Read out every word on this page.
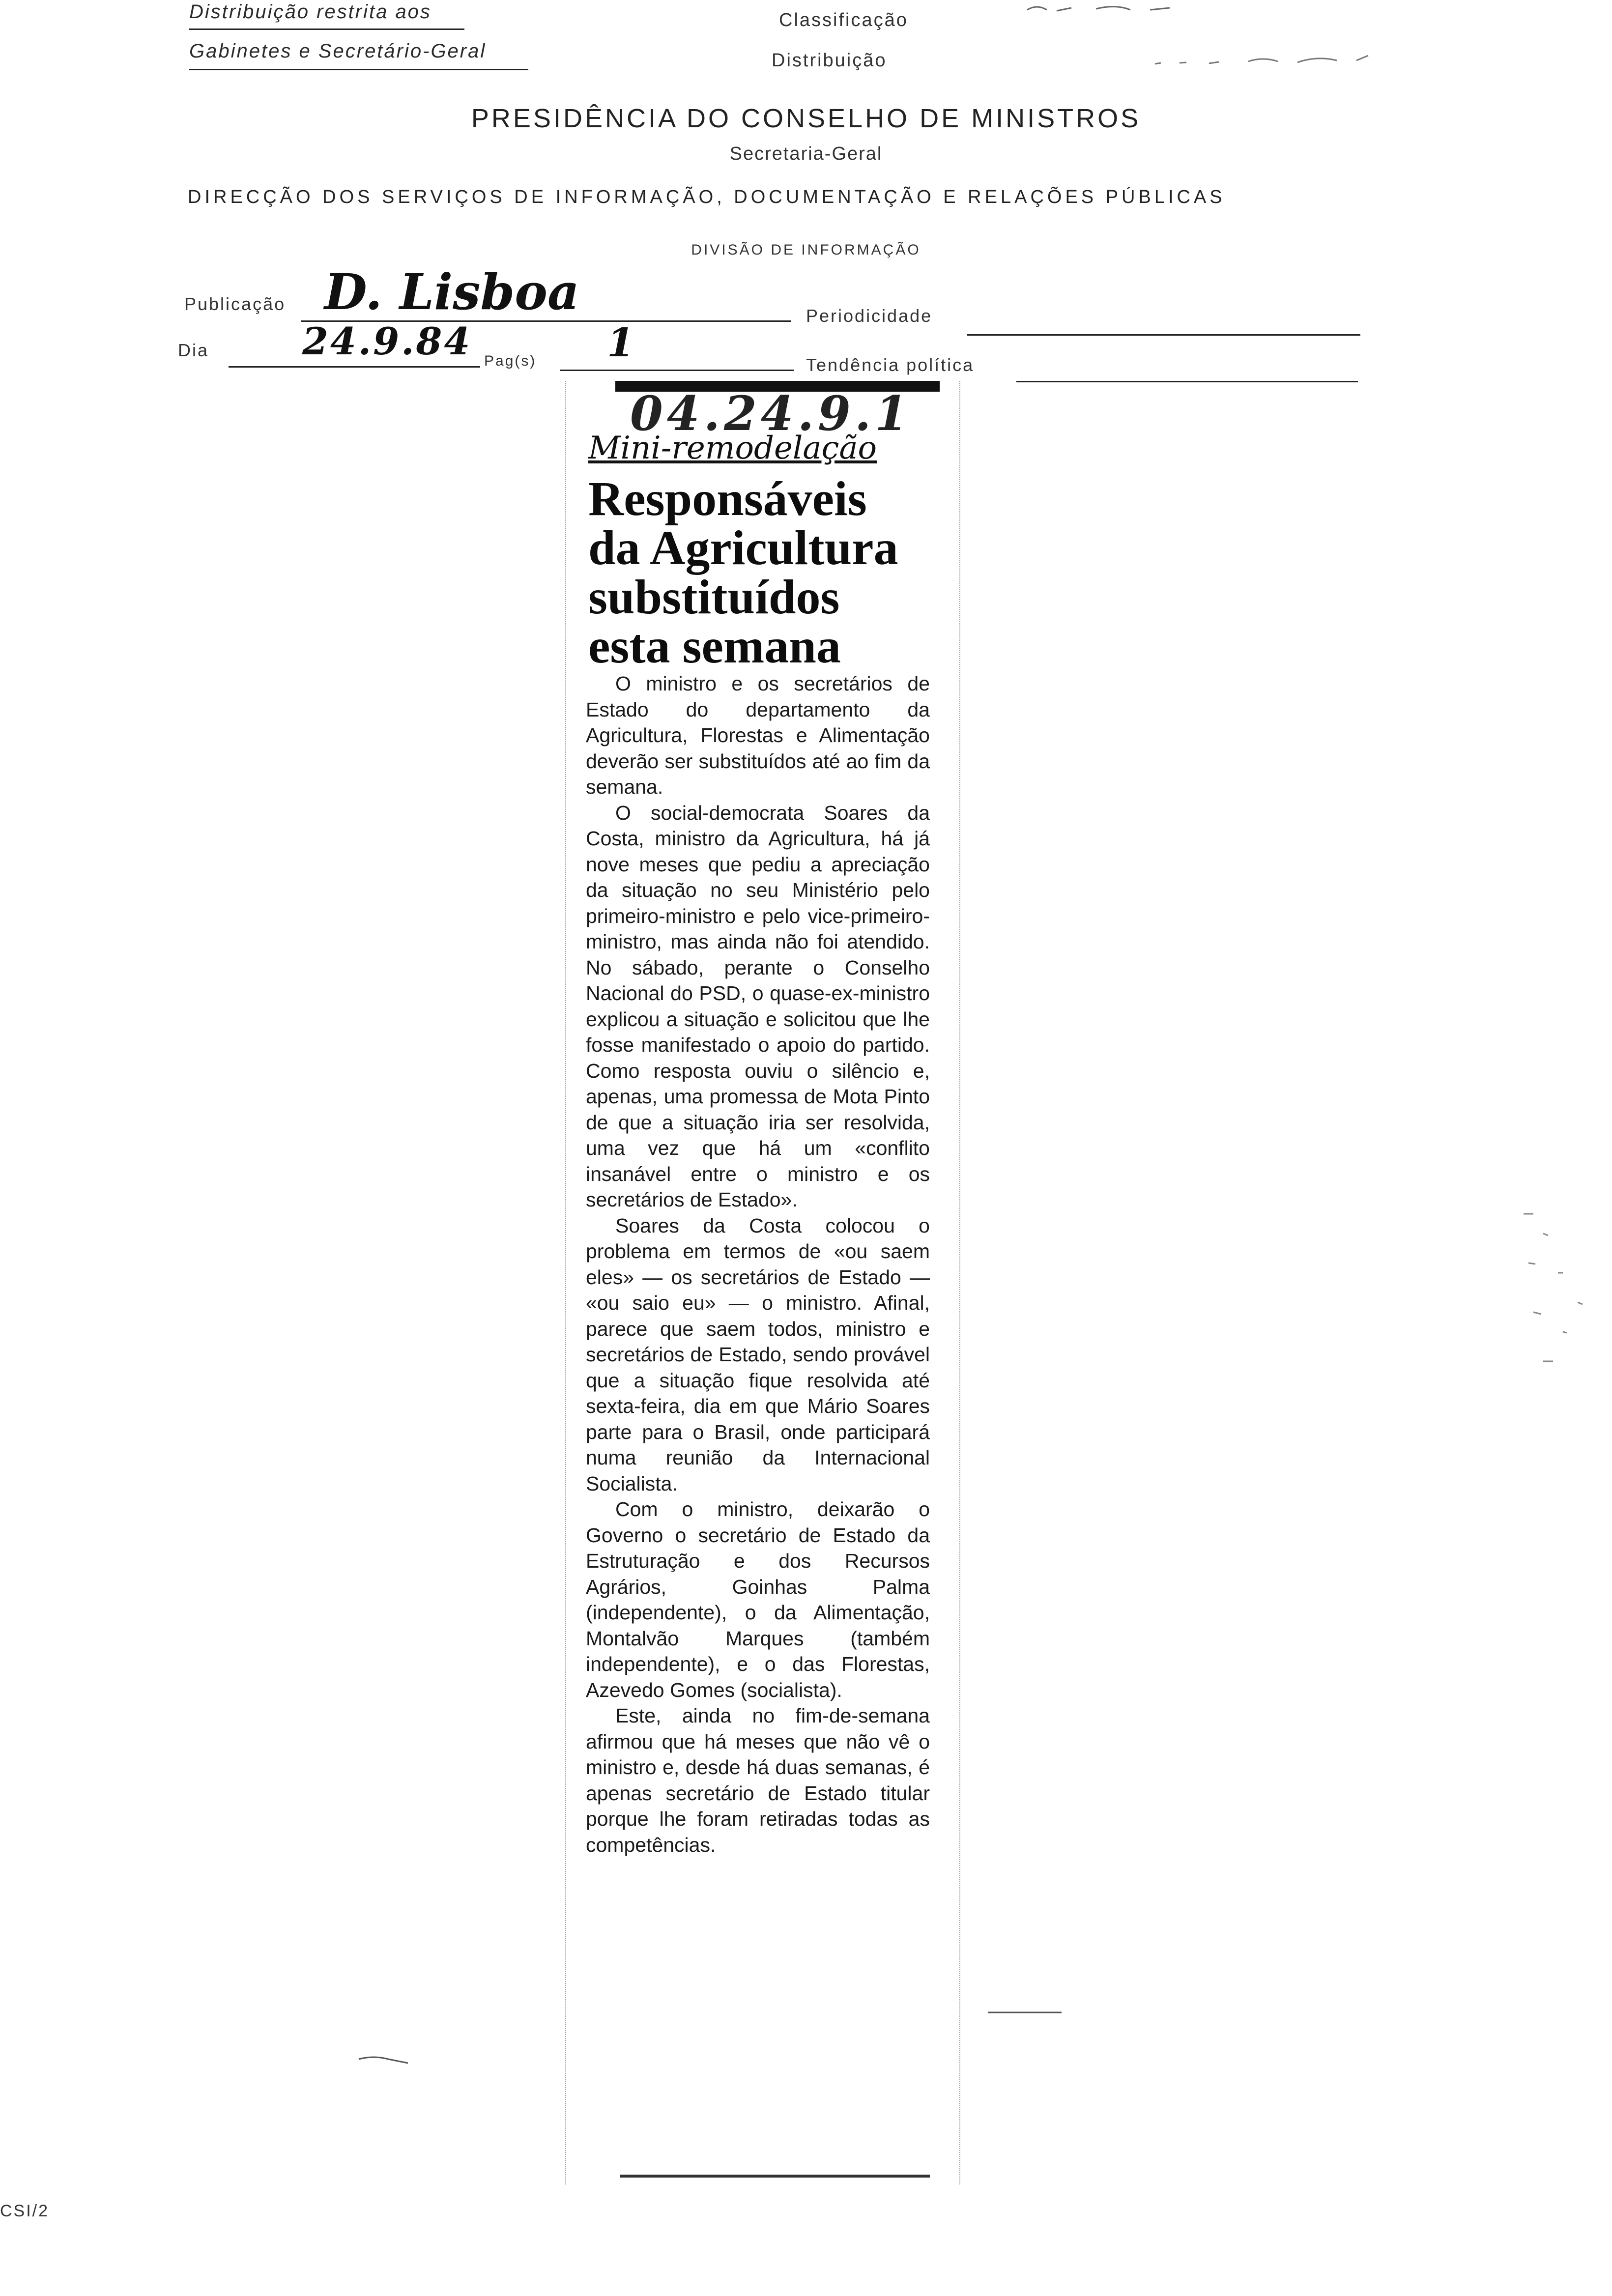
Distribuição restrita aos
Gabinetes e Secretário-Geral
Classificação
Distribuição
PRESIDÊNCIA DO CONSELHO DE MINISTROS
Secretaria-Geral
DIRECÇÃO DOS SERVIÇOS DE INFORMAÇÃO, DOCUMENTAÇÃO E RELAÇÕES PÚBLICAS
DIVISÃO DE INFORMAÇÃO
Publicação D. Lisboa	Periodicidade
Dia 24.9.84 Pag(s) 1	Tendência política
04.24.9.1
Mini-remodelação
Responsáveis
da Agricultura
substituídos
esta semana

O ministro e os secretários de Estado do departamento da Agricultura, Florestas e Alimentação deverão ser substituídos até ao fim da semana.

O social-democrata Soares da Costa, ministro da Agricultura, há já nove meses que pediu a apreciação da situação no seu Ministério pelo primeiro-ministro e pelo vice-primeiro-ministro, mas ainda não foi atendido. No sábado, perante o Conselho Nacional do PSD, o quase-ex-ministro explicou a situação e solicitou que lhe fosse manifestado o apoio do partido. Como resposta ouviu o silêncio e, apenas, uma promessa de Mota Pinto de que a situação iria ser resolvida, uma vez que há um «conflito insanável entre o ministro e os secretários de Estado».

Soares da Costa colocou o problema em termos de «ou saem eles» — os secretários de Estado — «ou saio eu» — o ministro. Afinal, parece que saem todos, ministro e secretários de Estado, sendo provável que a situação fique resolvida até sexta-feira, dia em que Mário Soares parte para o Brasil, onde participará numa reunião da Internacional Socialista.

Com o ministro, deixarão o Governo o secretário de Estado da Estruturação e dos Recursos Agrários, Goinhas Palma (independente), o da Alimentação, Montalvão Marques (também independente), e o das Florestas, Azevedo Gomes (socialista).

Este, ainda no fim-de-semana afirmou que há meses que não vê o ministro e, desde há duas semanas, é apenas secretário de Estado titular porque lhe foram retiradas todas as competências.

CSI/2
